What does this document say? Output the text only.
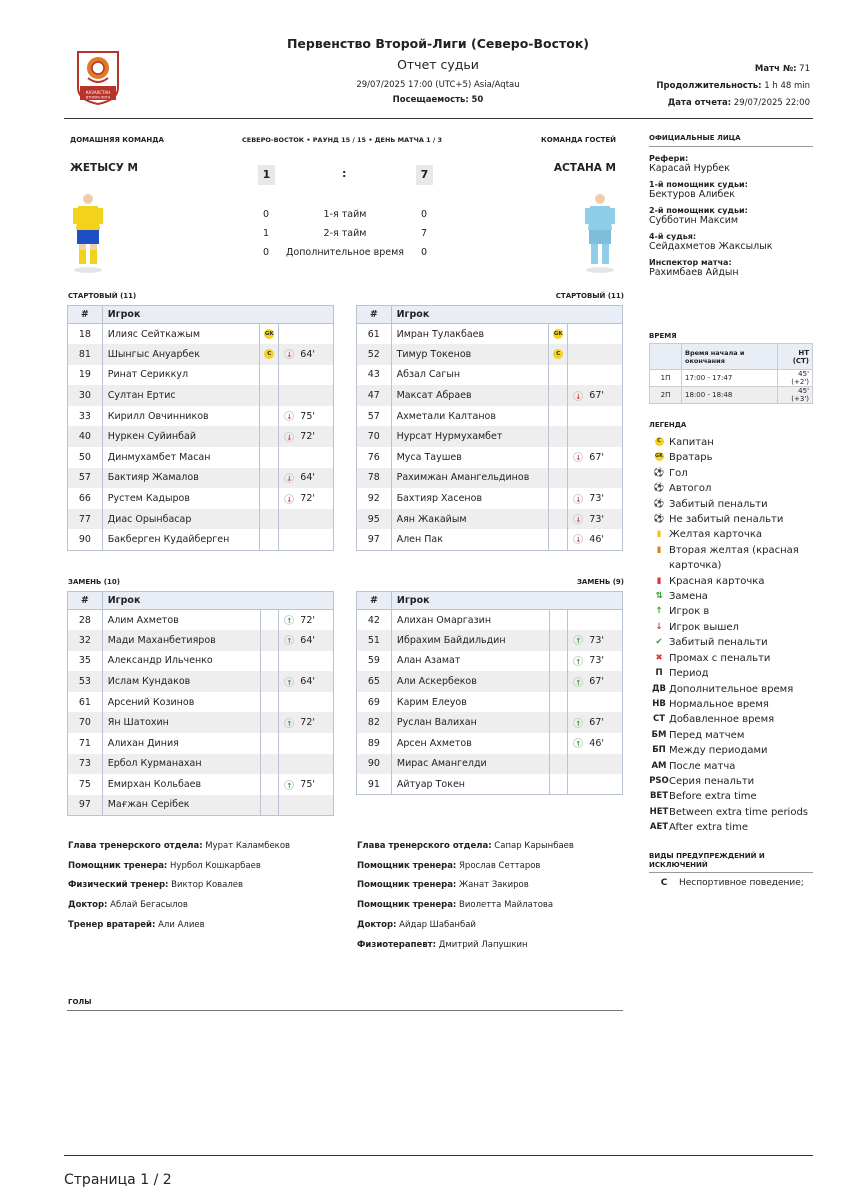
КАЗАХСТАН
ВТОРАЯ ЛИГА
Первенство Второй-Лиги (Северо-Восток)
Отчет судьи
29/07/2025 17:00 (UTC+5) Asia/Aqtau
Посещаемость: 50
Матч №: 71
Продолжительность: 1 h 48 min
Дата отчета: 29/07/2025 22:00
ДОМАШНЯЯ КОМАНДА	СЕВЕРО-ВОСТОК • РАУНД 15 / 15 • ДЕНЬ МАТЧА 1 / 3	КОМАНДА ГОСТЕЙ
ЖЕТЫСУ М	АСТАНА М
1	:	7
0	1-я тайм	0
1	2-я тайм	7
0	Дополнительное время	0
СТАРТОВЫЙ (11)	СТАРТОВЫЙ (11)
#	Игрок		
18	Илияс Сейткажым	GK	
81	Шынгыс Ануарбек	C	↓ 64'
19	Ринат Сериккул		
30	Султан Ертис		
33	Кирилл Овчинников		↓ 75'
40	Нуркен Суйинбай		↓ 72'
50	Динмухамбет Масан		
57	Бактияр Жамалов		↓ 64'
66	Рустем Кадыров		↓ 72'
77	Диас Орынбасар		
90	Бакберген Кудайберген		
#	Игрок		
61	Имран Тулакбаев	GK	
52	Тимур Токенов	C	
43	Абзал Сагын		
47	Максат Абраев		↓ 67'
57	Ахметали Калтанов		
70	Нурсат Нурмухамбет		
76	Муса Таушев		↓ 67'
78	Рахимжан Амангельдинов		
92	Бахтияр Хасенов		↓ 73'
95	Аян Жакайым		↓ 73'
97	Ален Пак		↓ 46'
ЗАМЕНЬ (10)	ЗАМЕНЬ (9)
#	Игрок		
28	Алим Ахметов		↑ 72'
32	Мади Маханбетияров		↑ 64'
35	Александр Ильченко		
53	Ислам Кундаков		↑ 64'
61	Арсений Козинов		
70	Ян Шатохин		↑ 72'
71	Алихан Диния		
73	Ербол Курманахан		
75	Емирхан Кольбаев		↑ 75'
97	Мағжан Серібек		
#	Игрок		
42	Алихан Омаргазин		
51	Ибрахим Байдильдин		↑ 73'
59	Алан Азамат		↑ 73'
65	Али Аскербеков		↑ 67'
69	Карим Елеуов		
82	Руслан Валихан		↑ 67'
89	Арсен Ахметов		↑ 46'
90	Мирас Амангелди		
91	Айтуар Токен		
Глава тренерского отдела: Мурат Каламбеков
Помощник тренера: Нурбол Кошкарбаев
Физический тренер: Виктор Ковалев
Доктор: Аблай Бегасылов
Тренер вратарей: Али Алиев
Глава тренерского отдела: Сапар Карынбаев
Помощник тренера: Ярослав Сеттаров
Помощник тренера: Жанат Закиров
Помощник тренера: Виолетта Майлатова
Доктор: Айдар Шабанбай
Физиотерапевт: Дмитрий Лапушкин
ГОЛЫ
ОФИЦИАЛЬНЫЕ ЛИЦА
Рефери:
Карасай Нурбек
1-й помощник судьи:
Бектуров Алибек
2-й помощник судьи:
Субботин Максим
4-й судья:
Сейдахметов Жаксылык
Инспектор матча:
Рахимбаев Айдын
ВРЕМЯ
	Время начала и окончания	HT (CT)
1П	17:00 - 17:47	45' (+2')
2П	18:00 - 18:48	45' (+3')
ЛЕГЕНДА
C Капитан
GK Вратарь
⚽ Гол
⚽ Автогол
⚽ Забитый пенальти
⚽ Не забитый пенальти
▮ Желтая карточка
▮ Вторая желтая (красная карточка)
▮ Красная карточка
⇅ Замена
↑ Игрок в
↓ Игрок вышел
✔ Забитый пенальти
✖ Промах с пенальти
П Период
ДВ Дополнительное время
НВ Нормальное время
СТ Добавленное время
БМ Перед матчем
БП Между периодами
АМ После матча
PSO Серия пенальти
BET Before extra time
HET Between extra time periods
AET After extra time
ВИДЫ ПРЕДУПРЕЖДЕНИЙ И ИСКЛЮЧЕНИЙ
C	Неспортивное поведение;
Страница 1 / 2
